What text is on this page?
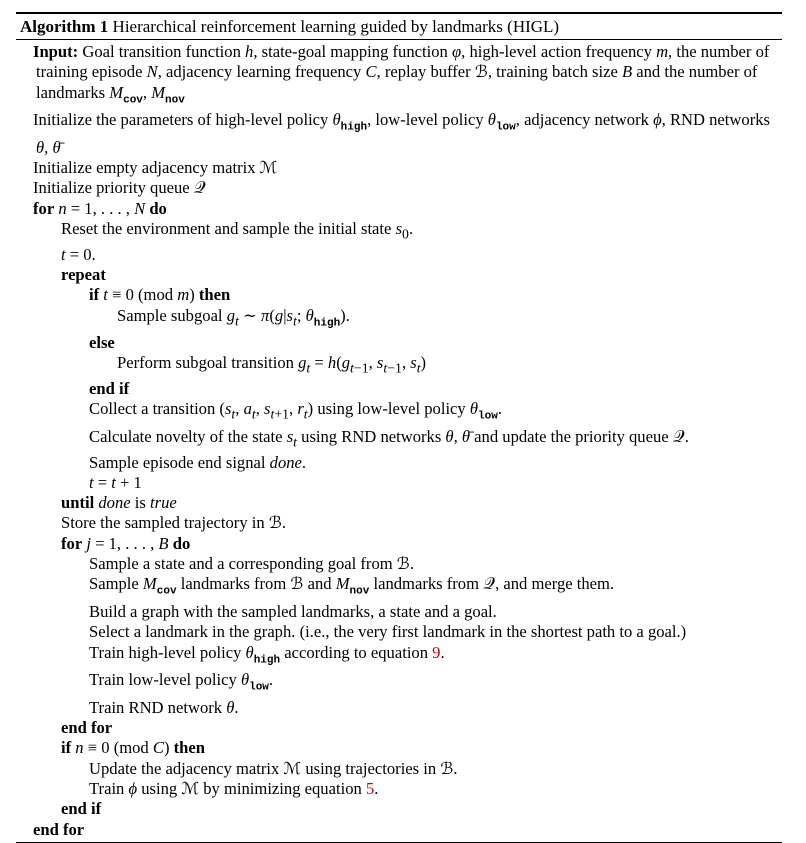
Algorithm 1 Hierarchical reinforcement learning guided by landmarks (HIGL)
Input: Goal transition function h, state-goal mapping function φ, high-level action frequency m, the number of training episode N, adjacency learning frequency C, replay buffer ℬ, training batch size B and the number of landmarks $M_{cov}$, $M_{nov}$
Initialize the parameters of high-level policy $\theta_{high}$, low-level policy $\theta_{low}$, adjacency network ϕ, RND networks θ, θ̄
Initialize empty adjacency matrix ℳ
Initialize priority queue 𝒬
for n = 1, . . . , N do
Reset the environment and sample the initial state $s_0$.
t = 0.
repeat
if t ≡ 0 (mod m) then
Sample subgoal $g_t$ ∼ $\pi(g|s_t$; $\theta_{high}$).
else
Perform subgoal transition $g_t = h(g_{t-1}$, $s_{t-1}$, $s_t$)
end if
Collect a transition ($s_t$, $a_t$, $s_{t+1}$, $r_t$) using low-level policy $\theta_{low}$.
Calculate novelty of the state $s_t$ using RND networks θ, θ̄ and update the priority queue 𝒬.
Sample episode end signal done.
t = t + 1
until done is true
Store the sampled trajectory in ℬ.
for j = 1, . . . , B do
Sample a state and a corresponding goal from ℬ.
Sample $M_{cov}$ landmarks from ℬ and $M_{nov}$ landmarks from 𝒬, and merge them.
Build a graph with the sampled landmarks, a state and a goal.
Select a landmark in the graph. (i.e., the very first landmark in the shortest path to a goal.)
Train high-level policy $\theta_{high}$ according to equation 9.
Train low-level policy $\theta_{low}$.
Train RND network θ.
end for
if n ≡ 0 (mod C) then
Update the adjacency matrix ℳ using trajectories in ℬ.
Train ϕ using ℳ by minimizing equation 5.
end if
end for
